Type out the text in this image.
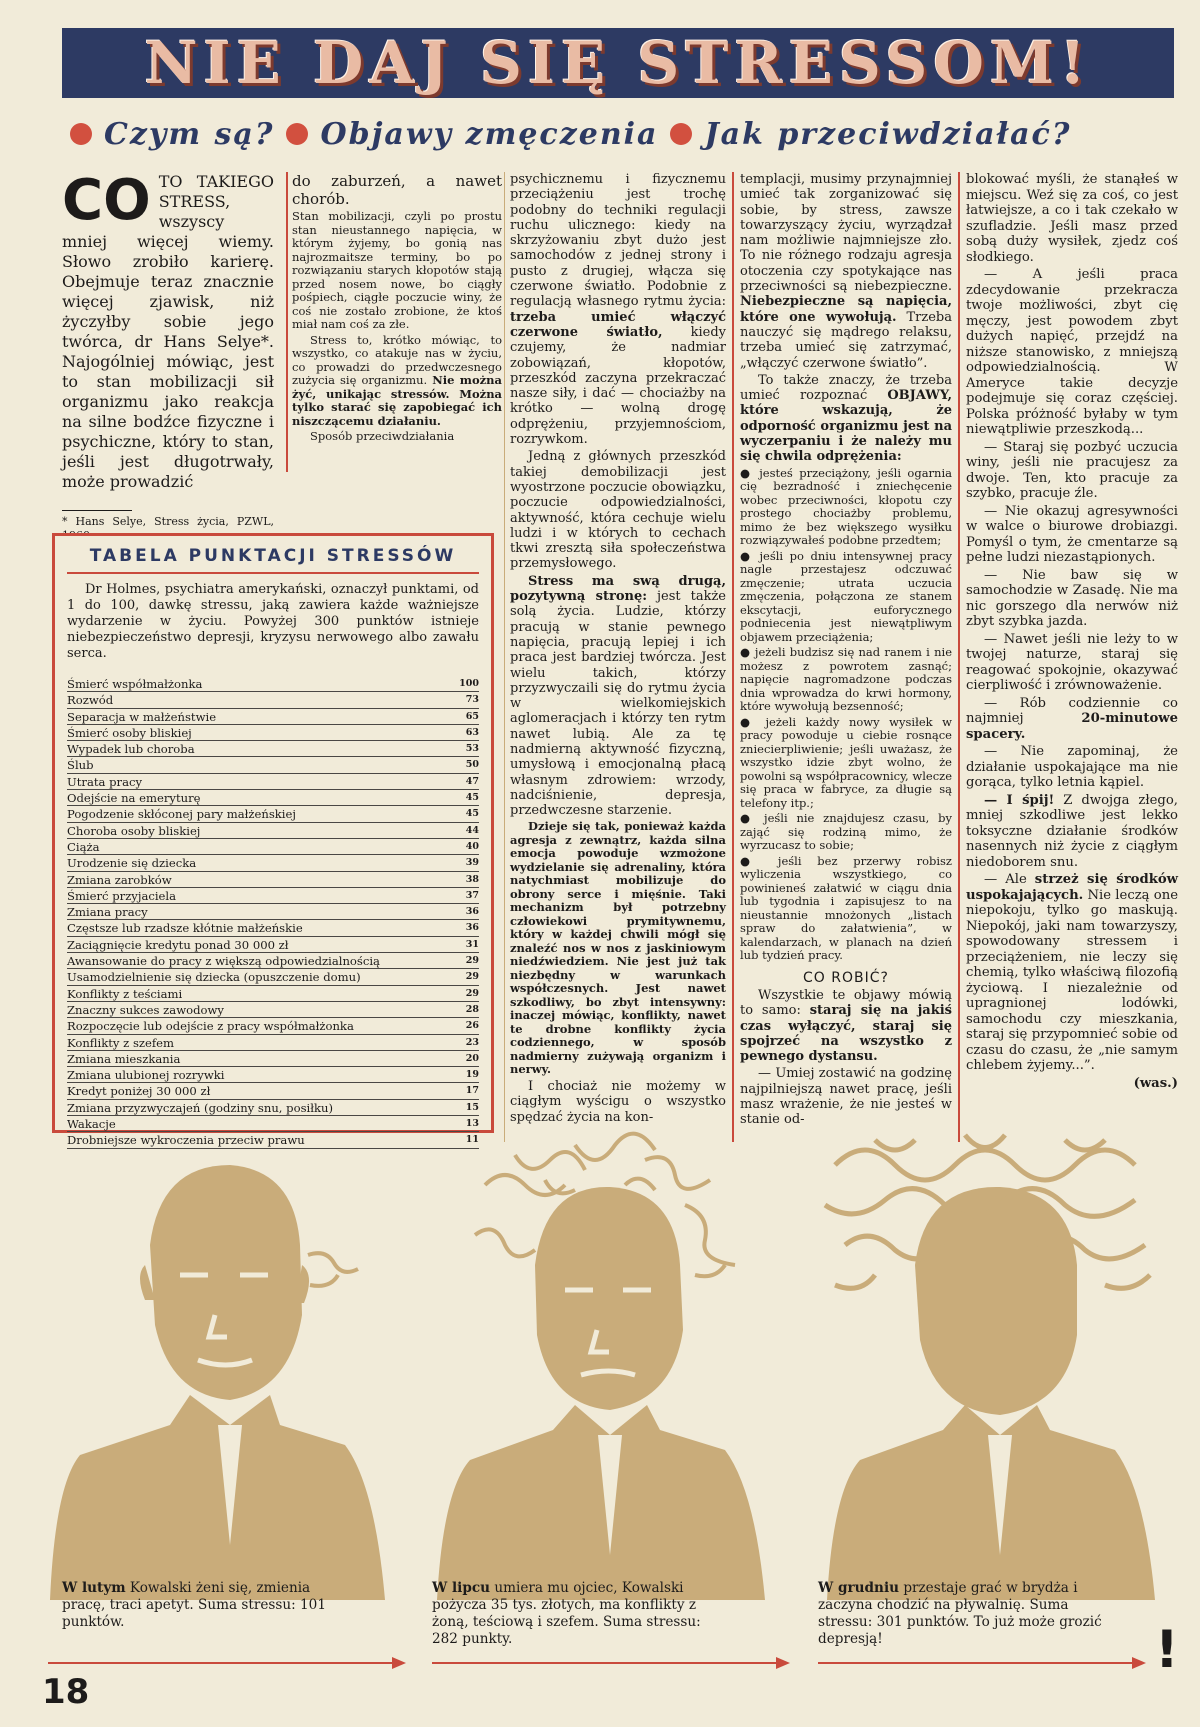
NIE DAJ SIĘ STRESSOM!
Czym są? Objawy zmęczenia Jak przeciwdziałać?
CO TO TAKIEGO STRESS, wszyscy mniej więcej wiemy. Słowo zrobiło karierę. Obejmuje teraz znacznie więcej zjawisk, niż życzyłby sobie jego twórca, dr Hans Selye*. Najogólniej mówiąc, jest to stan mobilizacji sił organizmu jako reakcja na silne bodźce fizyczne i psychiczne, który to stan, jeśli jest długotrwały, może prowadzić

* Hans Selye, Stress życia, PZWL,

do zaburzeń, a nawet chorób.

Stan mobilizacji, czyli po prostu stan nieustannego napięcia, w którym żyjemy, bo gonią nas najrozmaitsze terminy, bo po rozwiązaniu starych kłopotów stają przed nosem nowe, bo ciągły pośpiech, ciągłe poczucie winy, że coś nie zostało zrobione, że ktoś miał nam coś za złe.

Stress to, krótko mówiąc, to wszystko, co atakuje nas w życiu, co prowadzi do przedwczesnego zużycia się organizmu. Nie można żyć, unikając stressów. Można tylko starać się zapobiegać ich niszczącemu działaniu.

Sposób przeciwdziałania

TABELA PUNKTACJI STRESSÓW

Dr Holmes, psychiatra amerykański, oznaczył punktami, od 1 do 100, dawkę stressu, jaką zawiera każde ważniejsze wydarzenie w życiu. Powyżej 300 punktów istnieje niebezpieczeństwo depresji, kryzysu nerwowego albo zawału serca.

Śmierć współmałżonka	100
Rozwód	73
Separacja w małżeństwie	65
Śmierć osoby bliskiej	63
Wypadek lub choroba	53
Ślub	50
Utrata pracy	47
Odejście na emeryturę	45
Pogodzenie skłóconej pary małżeńskiej	45
Choroba osoby bliskiej	44
Ciąża	40
Urodzenie się dziecka	39
Zmiana zarobków	38
Śmierć przyjaciela	37
Zmiana pracy	36
Częstsze lub rzadsze kłótnie małżeńskie	36
Zaciągnięcie kredytu ponad 30 000 zł	31
Awansowanie do pracy z większą odpowiedzialnością	29
Usamodzielnienie się dziecka (opuszczenie domu)	29
Konflikty z teściami	29
Znaczny sukces zawodowy	28
Rozpoczęcie lub odejście z pracy współmałżonka	26
Konflikty z szefem	23
Zmiana mieszkania	20
Zmiana ulubionej rozrywki	19
Kredyt poniżej 30 000 zł	17
Zmiana przyzwyczajeń (godziny snu, posiłku)	15
Wakacje	13
Drobniejsze wykroczenia przeciw prawu	11

psychicznemu i fizycznemu przeciążeniu jest trochę podobny do techniki regulacji ruchu ulicznego: kiedy na skrzyżowaniu zbyt dużo jest samochodów z jednej strony i pusto z drugiej, włącza się czerwone światło. Podobnie z regulacją własnego rytmu życia: trzeba umieć włączyć czerwone światło, kiedy czujemy, że nadmiar zobowiązań, kłopotów, przeszkód zaczyna przekraczać nasze siły, i dać — chociażby na krótko — wolną drogę odprężeniu, przyjemnościom, rozrywkom.

Jedną z głównych przeszkód takiej demobilizacji jest wyostrzone poczucie obowiązku, poczucie odpowiedzialności, aktywność, która cechuje wielu ludzi i w których to cechach tkwi zresztą siła społeczeństwa przemysłowego.

Stress ma swą drugą, pozytywną stronę: jest także solą życia. Ludzie, którzy pracują w stanie pewnego napięcia, pracują lepiej i ich praca jest bardziej twórcza. Jest wielu takich, którzy przyzwyczaili się do rytmu życia w wielkomiejskich aglomeracjach i którzy ten rytm nawet lubią. Ale za tę nadmierną aktywność fizyczną, umysłową i emocjonalną płacą własnym zdrowiem: wrzody, nadciśnienie, depresja, przedwczesne starzenie.

Dzieje się tak, ponieważ każda agresja z zewnątrz, każda silna emocja powoduje wzmożone wydzielanie się adrenaliny, która natychmiast mobilizuje do obrony serce i mięśnie. Taki mechanizm był potrzebny człowiekowi prymitywnemu, który w każdej chwili mógł się znaleźć nos w nos z jaskiniowym niedźwiedziem. Nie jest już tak niezbędny w warunkach współczesnych. Jest nawet szkodliwy, bo zbyt intensywny: inaczej mówiąc, konflikty, nawet te drobne konflikty życia codziennego, w sposób nadmierny zużywają organizm i nerwy.

I chociaż nie możemy w ciągłym wyścigu o wszystko spędzać życia na kon-

templacji, musimy przynajmniej umieć tak zorganizować się sobie, by stress, zawsze towarzyszący życiu, wyrządzał nam możliwie najmniejsze zło. To nie różnego rodzaju agresja otoczenia czy spotykające nas przeciwności są niebezpieczne. Niebezpieczne są napięcia, które one wywołują. Trzeba nauczyć się mądrego relaksu, trzeba umieć się zatrzymać, „włączyć czerwone światło”.

To także znaczy, że trzeba umieć rozpoznać OBJAWY, które wskazują, że odporność organizmu jest na wyczerpaniu i że należy mu się chwila odprężenia:

● jesteś przeciążony, jeśli ogarnia cię bezradność i zniechęcenie wobec przeciwności, kłopotu czy prostego chociażby problemu, mimo że bez większego wysiłku rozwiązywałeś podobne przedtem;

● jeśli po dniu intensywnej pracy nagle przestajesz odczuwać zmęczenie; utrata uczucia zmęczenia, połączona ze stanem ekscytacji, euforycznego podniecenia jest niewątpliwym objawem przeciążenia;

● jeżeli budzisz się nad ranem i nie możesz z powrotem zasnąć; napięcie nagromadzone podczas dnia wprowadza do krwi hormony, które wywołują bezsenność;

● jeżeli każdy nowy wysiłek w pracy powoduje u ciebie rosnące zniecierpliwienie; jeśli uważasz, że wszystko idzie zbyt wolno, że powolni są współpracownicy, wlecze się praca w fabryce, za długie są telefony itp.;

● jeśli nie znajdujesz czasu, by zająć się rodziną mimo, że wyrzucasz to sobie;

● jeśli bez przerwy robisz wyliczenia wszystkiego, co powinieneś załatwić w ciągu dnia lub tygodnia i zapisujesz to na nieustannie mnożonych „listach spraw do załatwienia”, w kalendarzach, w planach na dzień lub tydzień pracy.

CO ROBIĆ?

Wszystkie te objawy mówią to samo: staraj się na jakiś czas wyłączyć, staraj się spojrzeć na wszystko z pewnego dystansu.

— Umiej zostawić na godzinę najpilniejszą nawet pracę, jeśli masz wrażenie, że nie jesteś w stanie od-

blokować myśli, że stanąłeś w miejscu. Weź się za coś, co jest łatwiejsze, a co i tak czekało w szufladzie. Jeśli masz przed sobą duży wysiłek, zjedz coś słodkiego.

— A jeśli praca zdecydowanie przekracza twoje możliwości, zbyt cię męczy, jest powodem zbyt dużych napięć, przejdź na niższe stanowisko, z mniejszą odpowiedzialnością. W Ameryce takie decyzje podejmuje się coraz częściej. Polska próżność byłaby w tym niewątpliwie przeszkodą...

— Staraj się pozbyć uczucia winy, jeśli nie pracujesz za dwoje. Ten, kto pracuje za szybko, pracuje źle.

— Nie okazuj agresywności w walce o biurowe drobiazgi. Pomyśl o tym, że cmentarze są pełne ludzi niezastąpionych.

— Nie baw się w samochodzie w Zasadę. Nie ma nic gorszego dla nerwów niż zbyt szybka jazda.

— Nawet jeśli nie leży to w twojej naturze, staraj się reagować spokojnie, okazywać cierpliwość i zrównoważenie.

— Rób codziennie co najmniej	20-minutowe spacery.

— Nie zapominaj, że działanie uspokajające ma nie gorąca, tylko letnia kąpiel.

— I śpij! Z dwojga złego, mniej szkodliwe jest lekko toksyczne działanie środków nasennych niż życie z ciągłym niedoborem snu.

— Ale strzeż się środków uspokajających. Nie leczą one niepokoju, tylko go maskują. Niepokój, jaki nam towarzyszy, spowodowany stressem i przeciążeniem, nie leczy się chemią, tylko właściwą filozofią życiową. I niezależnie od upragnionej lodówki, samochodu czy mieszkania, staraj się przypomnieć sobie od czasu do czasu, że „nie samym chlebem żyjemy...”.

(was.)

W lutym Kowalski żeni się, zmienia pracę, traci apetyt. Suma stressu: 101 punktów.
W lipcu umiera mu ojciec, Kowalski pożycza 35 tys. złotych, ma konflikty z żoną, teściową i szefem. Suma stressu: 282 punkty.
W grudniu przestaje grać w brydża i zaczyna chodzić na pływalnię. Suma stressu: 301 punktów. To już może grozić depresją!	!
18
